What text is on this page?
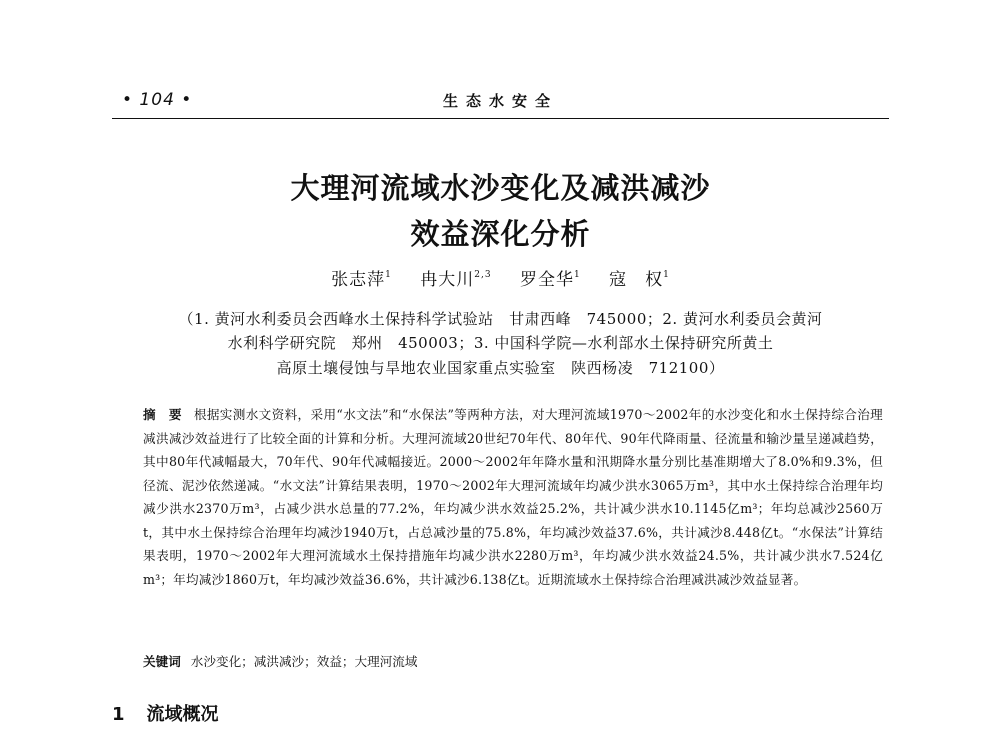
• 104 •	生态水安全
大理河流域水沙变化及减洪减沙
效益深化分析
张志萍$^1$ 冉大川$^{2,3}$ 罗全华$^1$ 寇　权$^1$
（1. 黄河水利委员会西峰水土保持科学试验站　甘肃西峰　745000；2. 黄河水利委员会黄河
水利科学研究院　郑州　450003；3. 中国科学院—水利部水土保持研究所黄土
高原土壤侵蚀与旱地农业国家重点实验室　陕西杨凌　712100）
摘　要 根据实测水文资料，采用“水文法”和“水保法”等两种方法，对大理河流域1970～2002年的水沙变化和水土保持综合治理减洪减沙效益进行了比较全面的计算和分析。大理河流域20世纪70年代、80年代、90年代降雨量、径流量和输沙量呈递减趋势，其中80年代减幅最大，70年代、90年代减幅接近。2000～2002年年降水量和汛期降水量分别比基准期增大了8.0%和9.3%，但径流、泥沙依然递减。“水文法”计算结果表明，1970～2002年大理河流域年均减少洪水3065万m³，其中水土保持综合治理年均减少洪水2370万m³，占减少洪水总量的77.2%，年均减少洪水效益25.2%，共计减少洪水10.1145亿m³；年均总减沙2560万t，其中水土保持综合治理年均减沙1940万t，占总减沙量的75.8%，年均减沙效益37.6%，共计减沙8.448亿t。“水保法”计算结果表明，1970～2002年大理河流域水土保持措施年均减少洪水2280万m³，年均减少洪水效益24.5%，共计减少洪水7.524亿m³；年均减沙1860万t，年均减沙效益36.6%，共计减沙6.138亿t。近期流域水土保持综合治理减洪减沙效益显著。
关键词 水沙变化；减洪减沙；效益；大理河流域
1 流域概况
